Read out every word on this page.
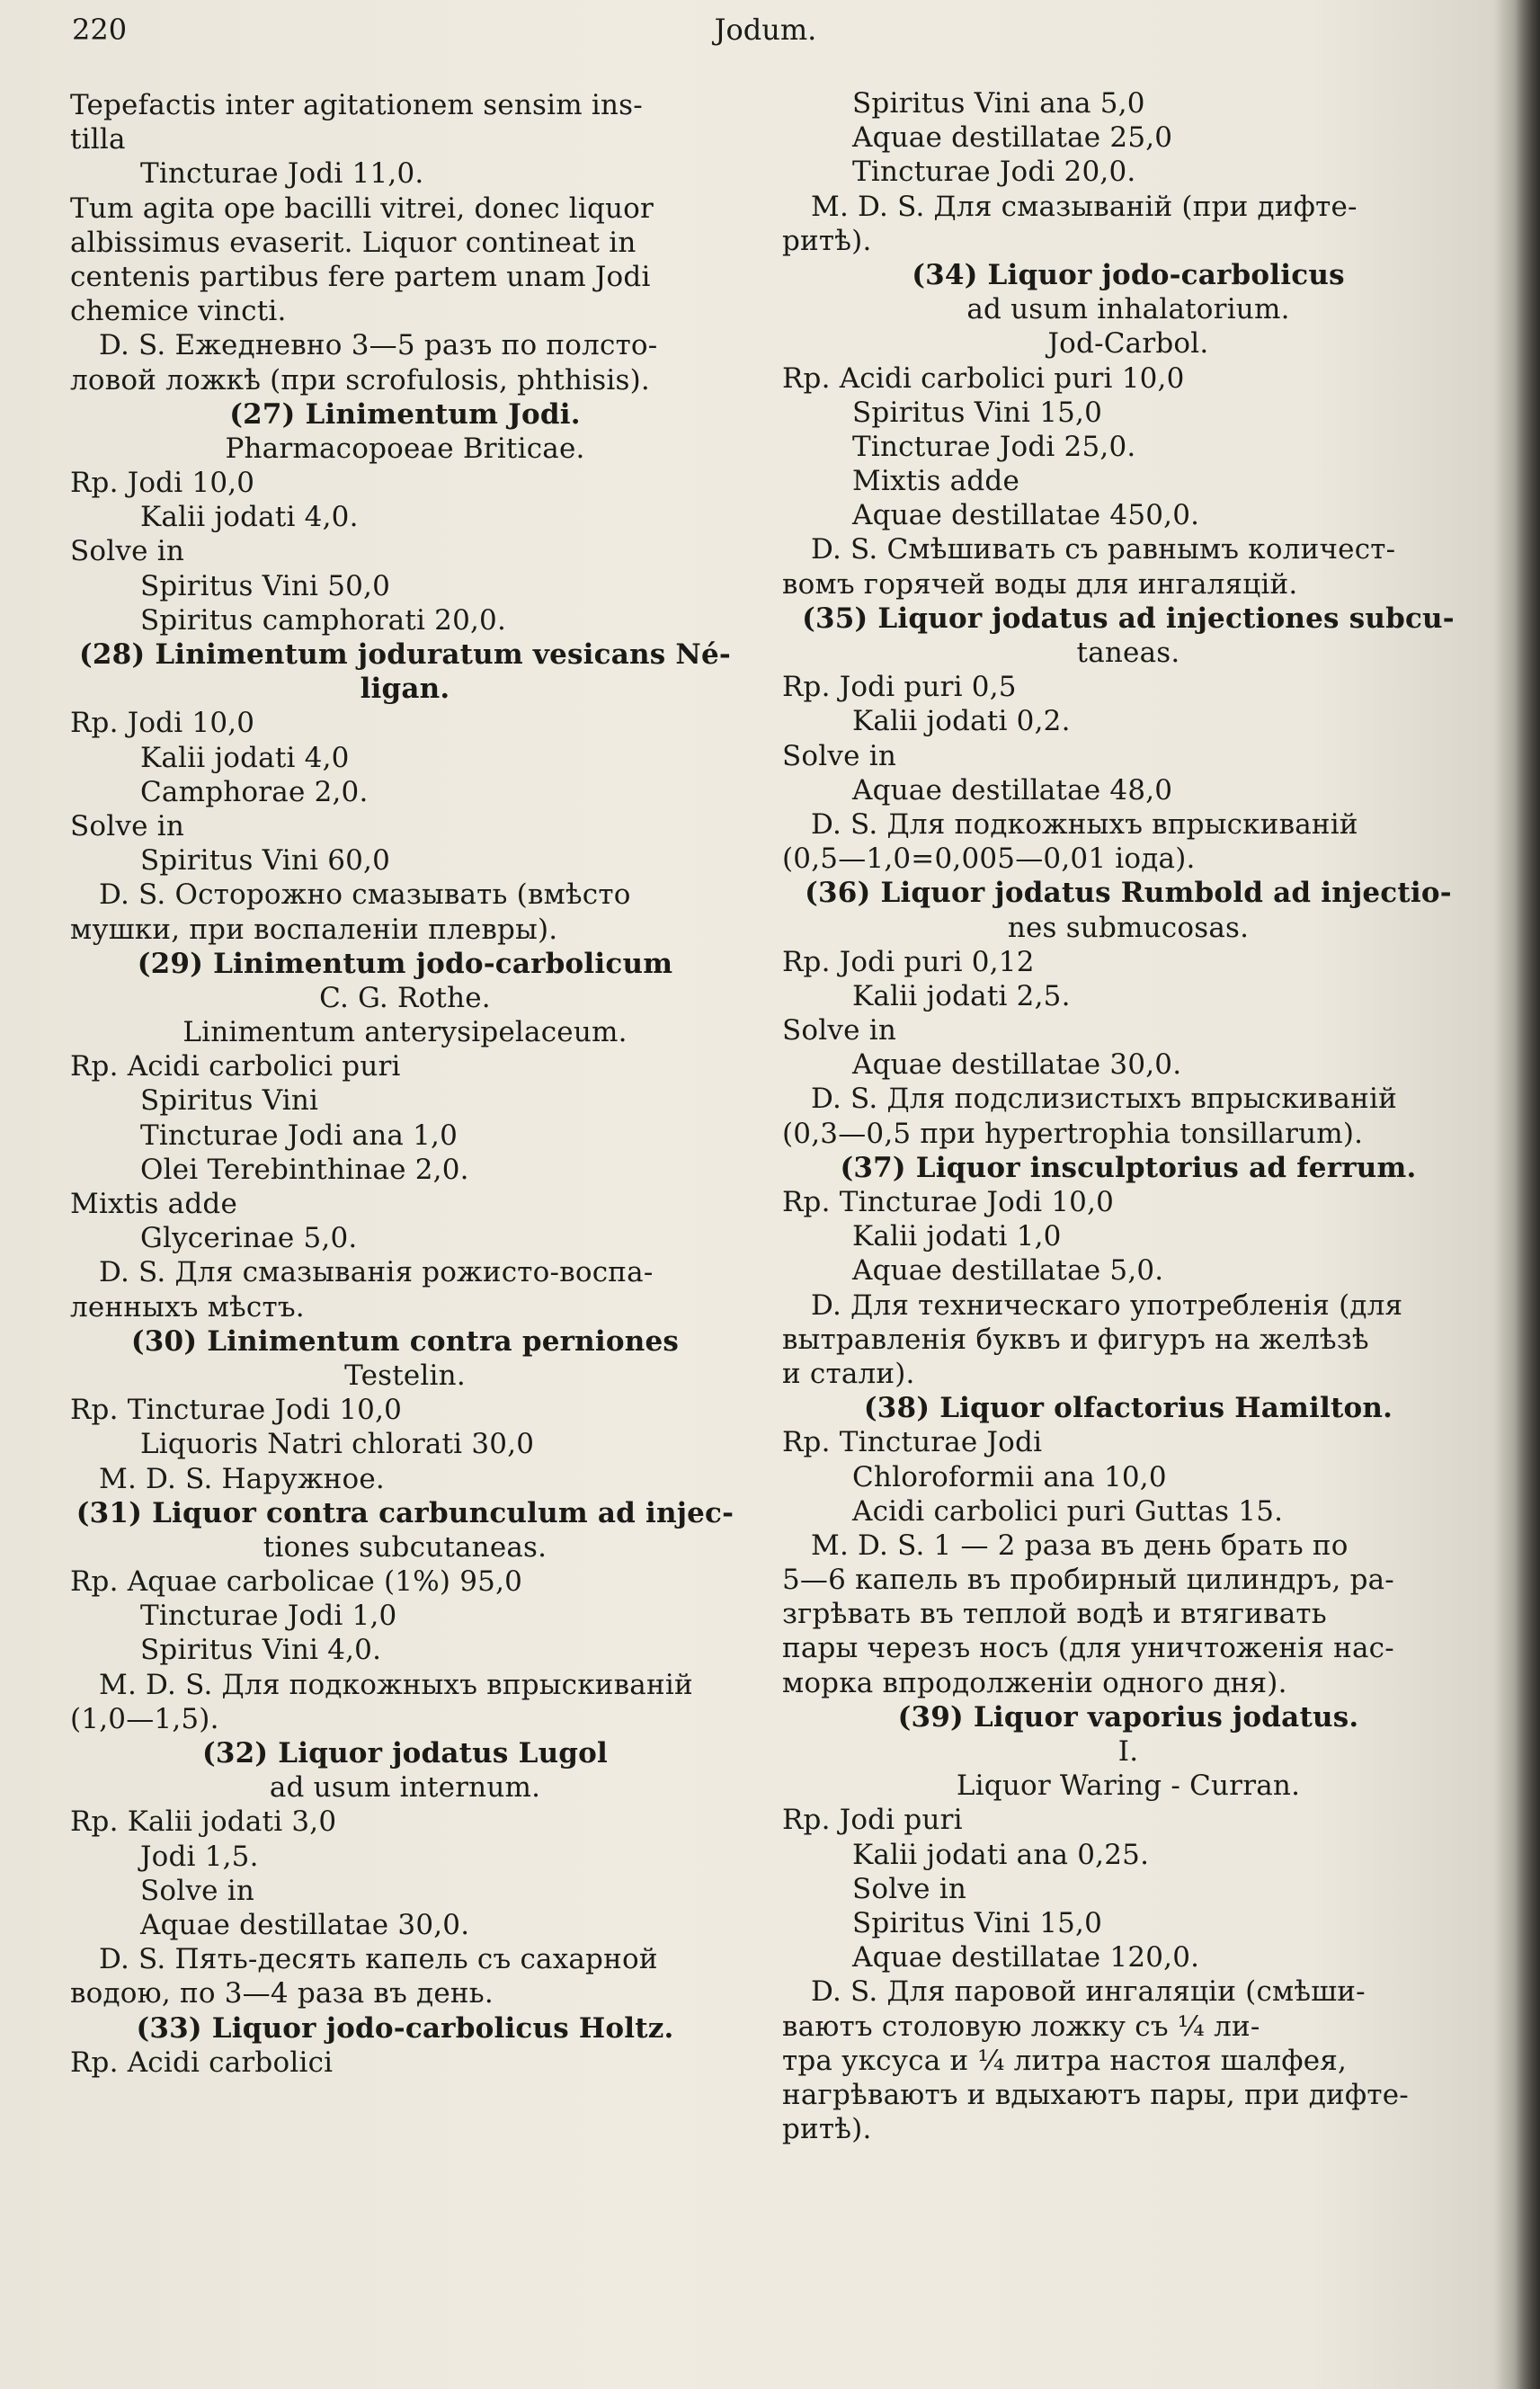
220	Jodum.
Tepefactis inter agitationem sensim ins-
tilla
Tincturae Jodi 11,0.
Tum agita ope bacilli vitrei, donec liquor
albissimus evaserit. Liquor contineat in
centenis partibus fere partem unam Jodi
chemice vincti.
D. S. Ежедневно 3—5 разъ по полсто-
ловой ложкѣ (при scrofulosis, phthisis).
(27) Linimentum Jodi.
Pharmacopoeae Briticae.
Rp. Jodi 10,0
Kalii jodati 4,0.
Solve in
Spiritus Vini 50,0
Spiritus camphorati 20,0.
(28) Linimentum joduratum vesicans Né-
ligan.
Rp. Jodi 10,0
Kalii jodati 4,0
Camphorae 2,0.
Solve in
Spiritus Vini 60,0
D. S. Осторожно смазывать (вмѣсто
мушки, при воспаленіи плевры).
(29) Linimentum jodo-carbolicum
C. G. Rothe.
Linimentum anterysipelaceum.
Rp. Acidi carbolici puri
Spiritus Vini
Tincturae Jodi ana 1,0
Olei Terebinthinae 2,0.
Mixtis adde
Glycerinae 5,0.
D. S. Для смазыванія рожисто-воспа-
ленныхъ мѣстъ.
(30) Linimentum contra perniones
Testelin.
Rp. Tincturae Jodi 10,0
Liquoris Natri chlorati 30,0
M. D. S. Наружное.
(31) Liquor contra carbunculum ad injec-
tiones subcutaneas.
Rp. Aquae carbolicae (1%) 95,0
Tincturae Jodi 1,0
Spiritus Vini 4,0.
M. D. S. Для подкожныхъ впрыскиваній
(1,0—1,5).
(32) Liquor jodatus Lugol
ad usum internum.
Rp. Kalii jodati 3,0
Jodi 1,5.
Solve in
Aquae destillatae 30,0.
D. S. Пять-десять капель съ сахарной
водою, по 3—4 раза въ день.
(33) Liquor jodo-carbolicus Holtz.
Rp. Acidi carbolici
Spiritus Vini ana 5,0
Aquae destillatae 25,0
Tincturae Jodi 20,0.
M. D. S. Для смазываній (при дифте-
ритѣ).
(34) Liquor jodo-carbolicus
ad usum inhalatorium.
Jod-Carbol.
Rp. Acidi carbolici puri 10,0
Spiritus Vini 15,0
Tincturae Jodi 25,0.
Mixtis adde
Aquae destillatae 450,0.
D. S. Смѣшивать съ равнымъ количест-
вомъ горячей воды для ингаляцій.
(35) Liquor jodatus ad injectiones subcu-
taneas.
Rp. Jodi puri 0,5
Kalii jodati 0,2.
Solve in
Aquae destillatae 48,0
D. S. Для подкожныхъ впрыскиваній
(0,5—1,0=0,005—0,01 іода).
(36) Liquor jodatus Rumbold ad injectio-
nes submucosas.
Rp. Jodi puri 0,12
Kalii jodati 2,5.
Solve in
Aquae destillatae 30,0.
D. S. Для подслизистыхъ впрыскиваній
(0,3—0,5 при hypertrophia tonsillarum).
(37) Liquor insculptorius ad ferrum.
Rp. Tincturae Jodi 10,0
Kalii jodati 1,0
Aquae destillatae 5,0.
D. Для техническаго употребленія (для
вытравленія буквъ и фигуръ на желѣзѣ
и стали).
(38) Liquor olfactorius Hamilton.
Rp. Tincturae Jodi
Chloroformii ana 10,0
Acidi carbolici puri Guttas 15.
M. D. S. 1 — 2 раза въ день брать по
5—6 капель въ пробирный цилиндръ, ра-
згрѣвать въ теплой водѣ и втягивать
пары черезъ носъ (для уничтоженія нас-
морка впродолженіи одного дня).
(39) Liquor vaporius jodatus.
I.
Liquor Waring - Curran.
Rp. Jodi puri
Kalii jodati ana 0,25.
Solve in
Spiritus Vini 15,0
Aquae destillatae 120,0.
D. S. Для паровой ингаляціи (смѣши-
ваютъ столовую ложку съ ¼ ли-
тра уксуса и ¼ литра настоя шалфея,
нагрѣваютъ и вдыхаютъ пары, при дифте-
ритѣ).
